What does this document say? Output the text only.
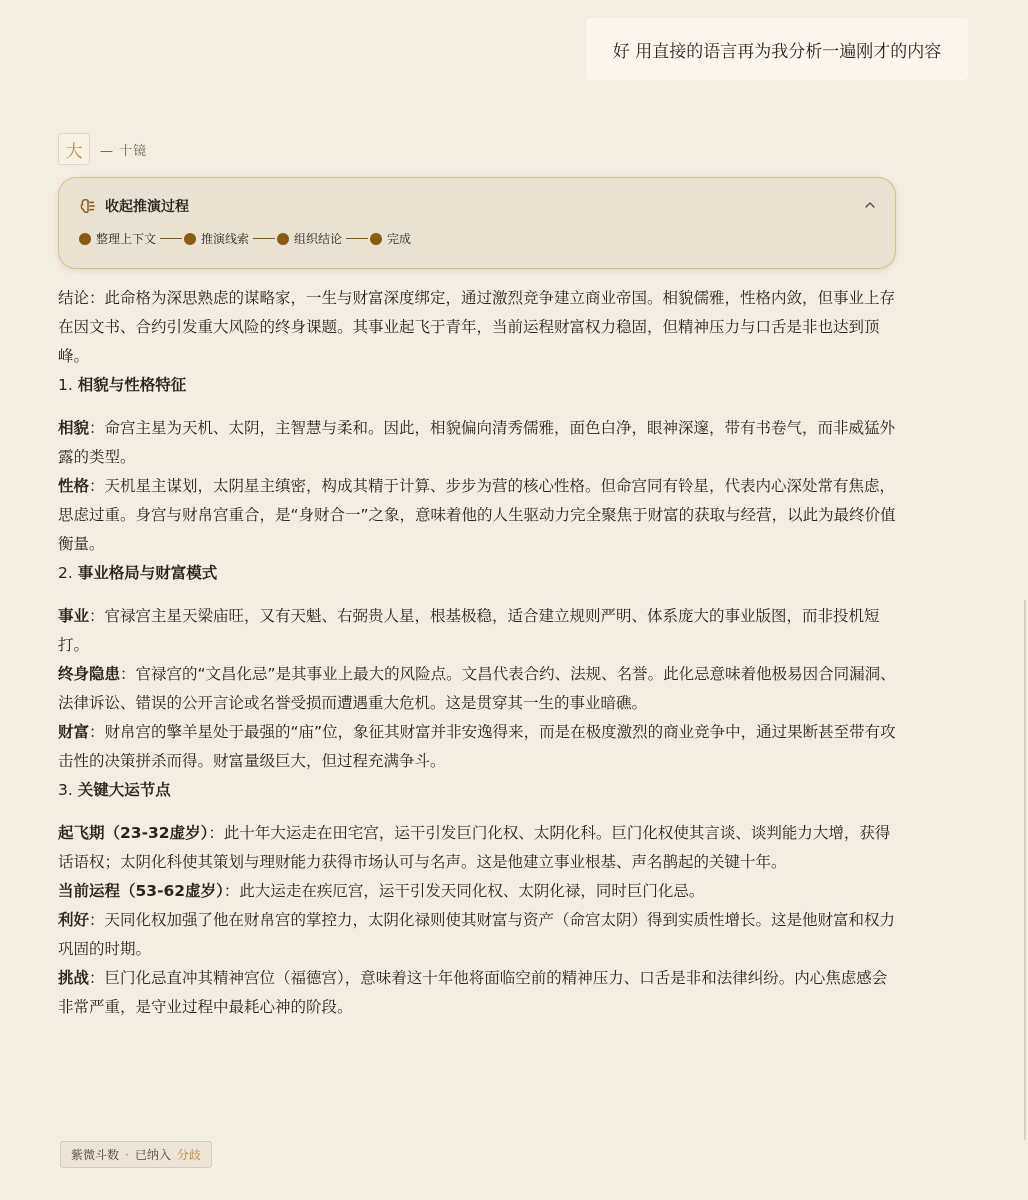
好 用直接的语言再为我分析一遍刚才的内容
大 — 十镜
收起推演过程
整理上下文	推演线索	组织结论	完成

结论：此命格为深思熟虑的谋略家，一生与财富深度绑定，通过激烈竞争建立商业帝国。相貌儒雅，性格内敛，但事业上存在因文书、合约引发重大风险的终身课题。其事业起飞于青年，当前运程财富权力稳固，但精神压力与口舌是非也达到顶峰。

1. 相貌与性格特征

相貌：命宫主星为天机、太阴，主智慧与柔和。因此，相貌偏向清秀儒雅，面色白净，眼神深邃，带有书卷气，而非威猛外露的类型。

性格：天机星主谋划，太阴星主缜密，构成其精于计算、步步为营的核心性格。但命宫同有铃星，代表内心深处常有焦虑，思虑过重。身宫与财帛宫重合，是“身财合一”之象，意味着他的人生驱动力完全聚焦于财富的获取与经营，以此为最终价值衡量。

2. 事业格局与财富模式

事业：官禄宫主星天梁庙旺，又有天魁、右弼贵人星，根基极稳，适合建立规则严明、体系庞大的事业版图，而非投机短打。

终身隐患：官禄宫的“文昌化忌”是其事业上最大的风险点。文昌代表合约、法规、名誉。此化忌意味着他极易因合同漏洞、法律诉讼、错误的公开言论或名誉受损而遭遇重大危机。这是贯穿其一生的事业暗礁。

财富：财帛宫的擎羊星处于最强的“庙”位，象征其财富并非安逸得来，而是在极度激烈的商业竞争中，通过果断甚至带有攻击性的决策拼杀而得。财富量级巨大，但过程充满争斗。

3. 关键大运节点

起飞期（23-32虚岁）：此十年大运走在田宅宫，运干引发巨门化权、太阴化科。巨门化权使其言谈、谈判能力大增，获得话语权；太阴化科使其策划与理财能力获得市场认可与名声。这是他建立事业根基、声名鹊起的关键十年。

当前运程（53-62虚岁）：此大运走在疾厄宫，运干引发天同化权、太阴化禄，同时巨门化忌。

利好：天同化权加强了他在财帛宫的掌控力，太阴化禄则使其财富与资产（命宫太阴）得到实质性增长。这是他财富和权力巩固的时期。

挑战：巨门化忌直冲其精神宫位（福德宫），意味着这十年他将面临空前的精神压力、口舌是非和法律纠纷。内心焦虑感会非常严重，是守业过程中最耗心神的阶段。

紫微斗数 · 已纳入 分歧
